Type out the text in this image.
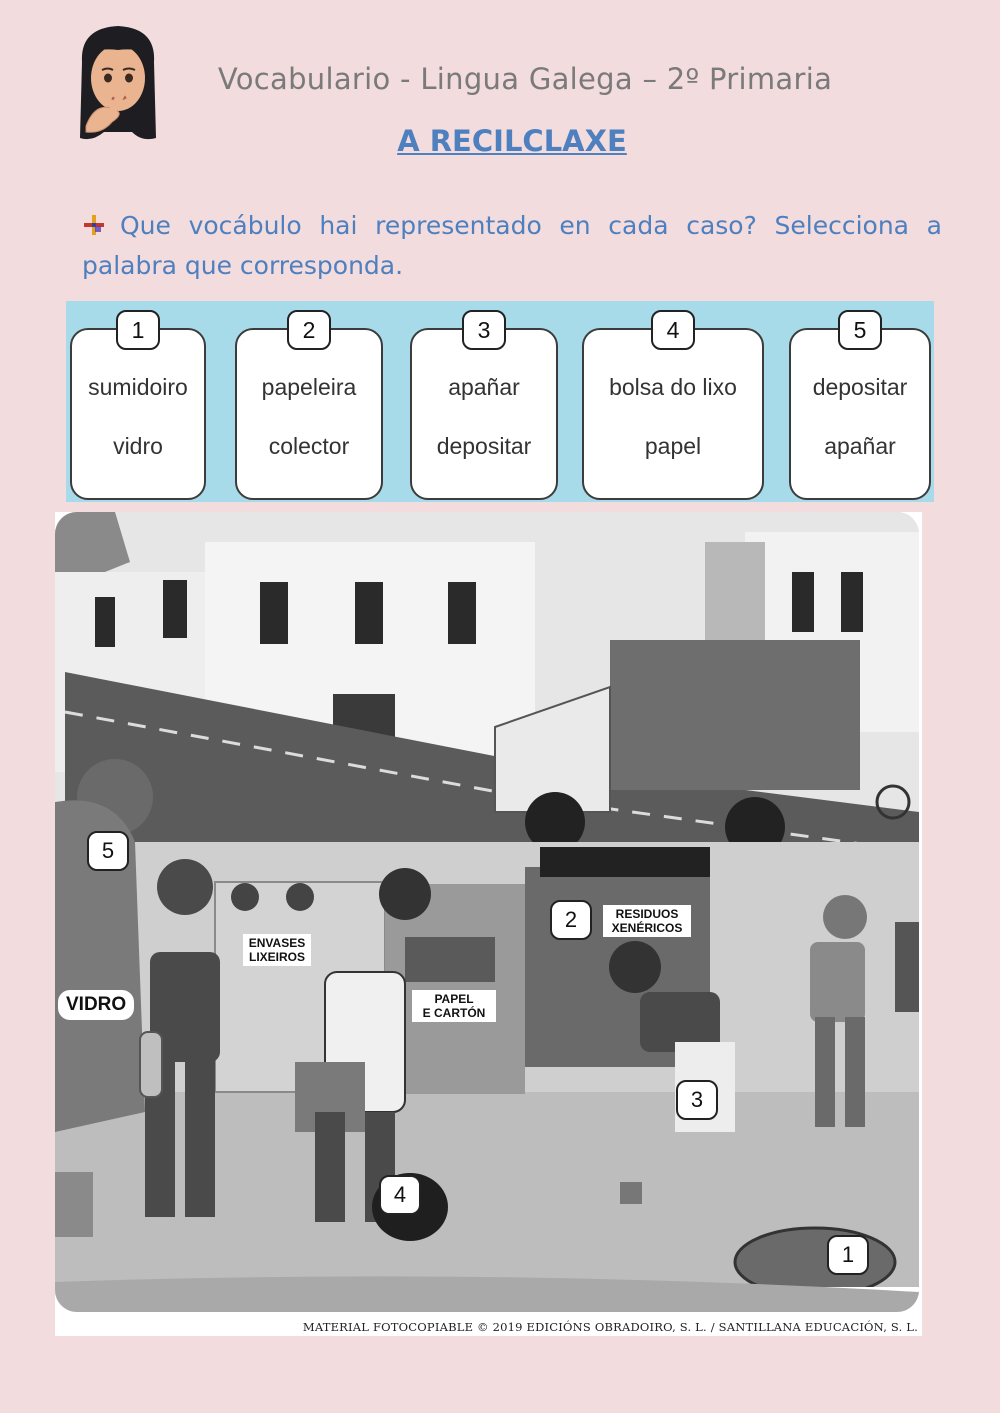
Vocabulario - Lingua Galega – 2º Primaria
A RECILCLAXE
Que vocábulo hai representado en cada caso? Selecciona a palabra que corresponda.
1
sumidoiro
vidro
2
papeleira
colector
3
apañar
depositar
4
bolsa do lixo
papel
5
depositar
apañar
5
2
3
4
1
ENVASES
LIXEIROS
VIDRO	PAPEL
E CARTÓN
RESIDUOS
XENÉRICOS
MATERIAL FOTOCOPIABLE © 2019 EDICIÓNS OBRADOIRO, S. L. / SANTILLANA EDUCACIÓN, S. L.
